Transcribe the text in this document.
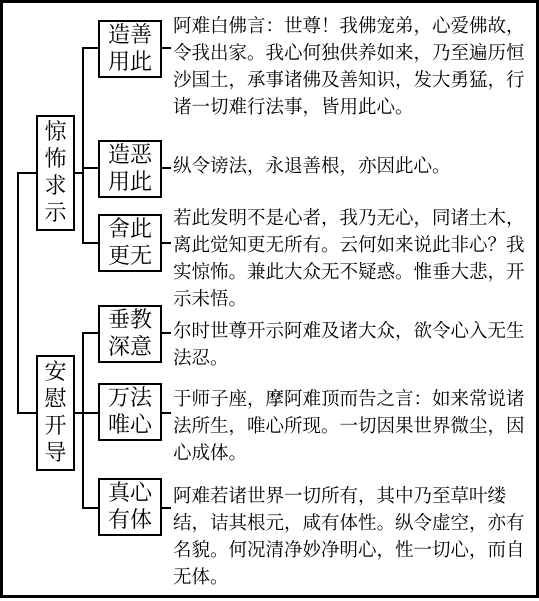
惊怖求示
造善用此
阿难白佛言：世尊！我佛宠弟，心爱佛故，令我出家。我心何独供养如来，乃至遍历恒沙国土，承事诸佛及善知识，发大勇猛，行诸一切难行法事，皆用此心。
造恶用此
纵令谤法，永退善根，亦因此心。
舍此更无
若此发明不是心者，我乃无心，同诸土木，离此觉知更无所有。云何如来说此非心？我实惊怖。兼此大众无不疑惑。惟垂大悲，开示未悟。
安慰开导
垂教深意
尔时世尊开示阿难及诸大众，欲令心入无生法忍。
万法唯心
于师子座，摩阿难顶而告之言：如来常说诸法所生，唯心所现。一切因果世界微尘，因心成体。
真心有体
阿难若诸世界一切所有，其中乃至草叶缕结，诘其根元，咸有体性。纵令虚空，亦有名貌。何况清净妙净明心，性一切心，而自无体。
